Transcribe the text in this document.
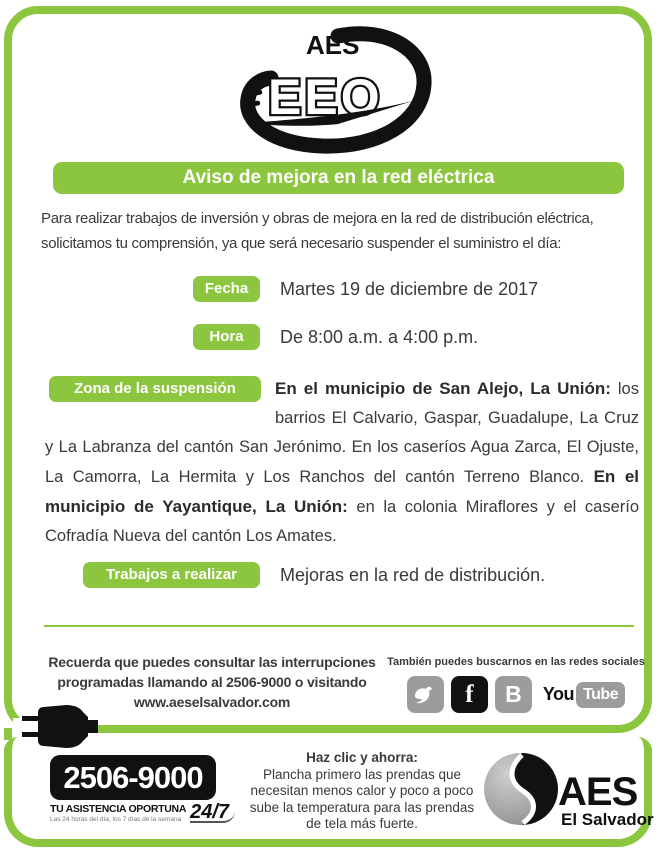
AES
EEO
Aviso de mejora en la red eléctrica
Para realizar trabajos de inversión y obras de mejora en la red de distribución eléctrica,
solicitamos tu comprensión, ya que será necesario suspender el suministro el día:
Fecha	Martes 19 de diciembre de 2017
Hora	De 8:00 a.m. a 4:00 p.m.
Zona de la suspensión	En el municipio de San Alejo, La Unión: los barrios El Calvario, Gaspar, Guadalupe, La Cruz y La Labranza del cantón San Jerónimo. En los caseríos Agua Zarca, El Ojuste, La Camorra, La Hermita y Los Ranchos del cantón Terreno Blanco. En el municipio de Yayantique, La Unión: en la colonia Miraflores y el caserío Cofradía Nueva del cantón Los Amates.
Trabajos a realizar	Mejoras en la red de distribución.
Recuerda que puedes consultar las interrupciones
programadas llamando al 2506-9000 o visitando
www.aeselsalvador.com
También puedes buscarnos en las redes sociales
f B You Tube
2506-9000
TU ASISTENCIA OPORTUNA
Las 24 horas del día, los 7 días de la semana 24/7
Haz clic y ahorra:
Plancha primero las prendas que
necesitan menos calor y poco a poco
sube la temperatura para las prendas
de tela más fuerte.
AES
El Salvador
